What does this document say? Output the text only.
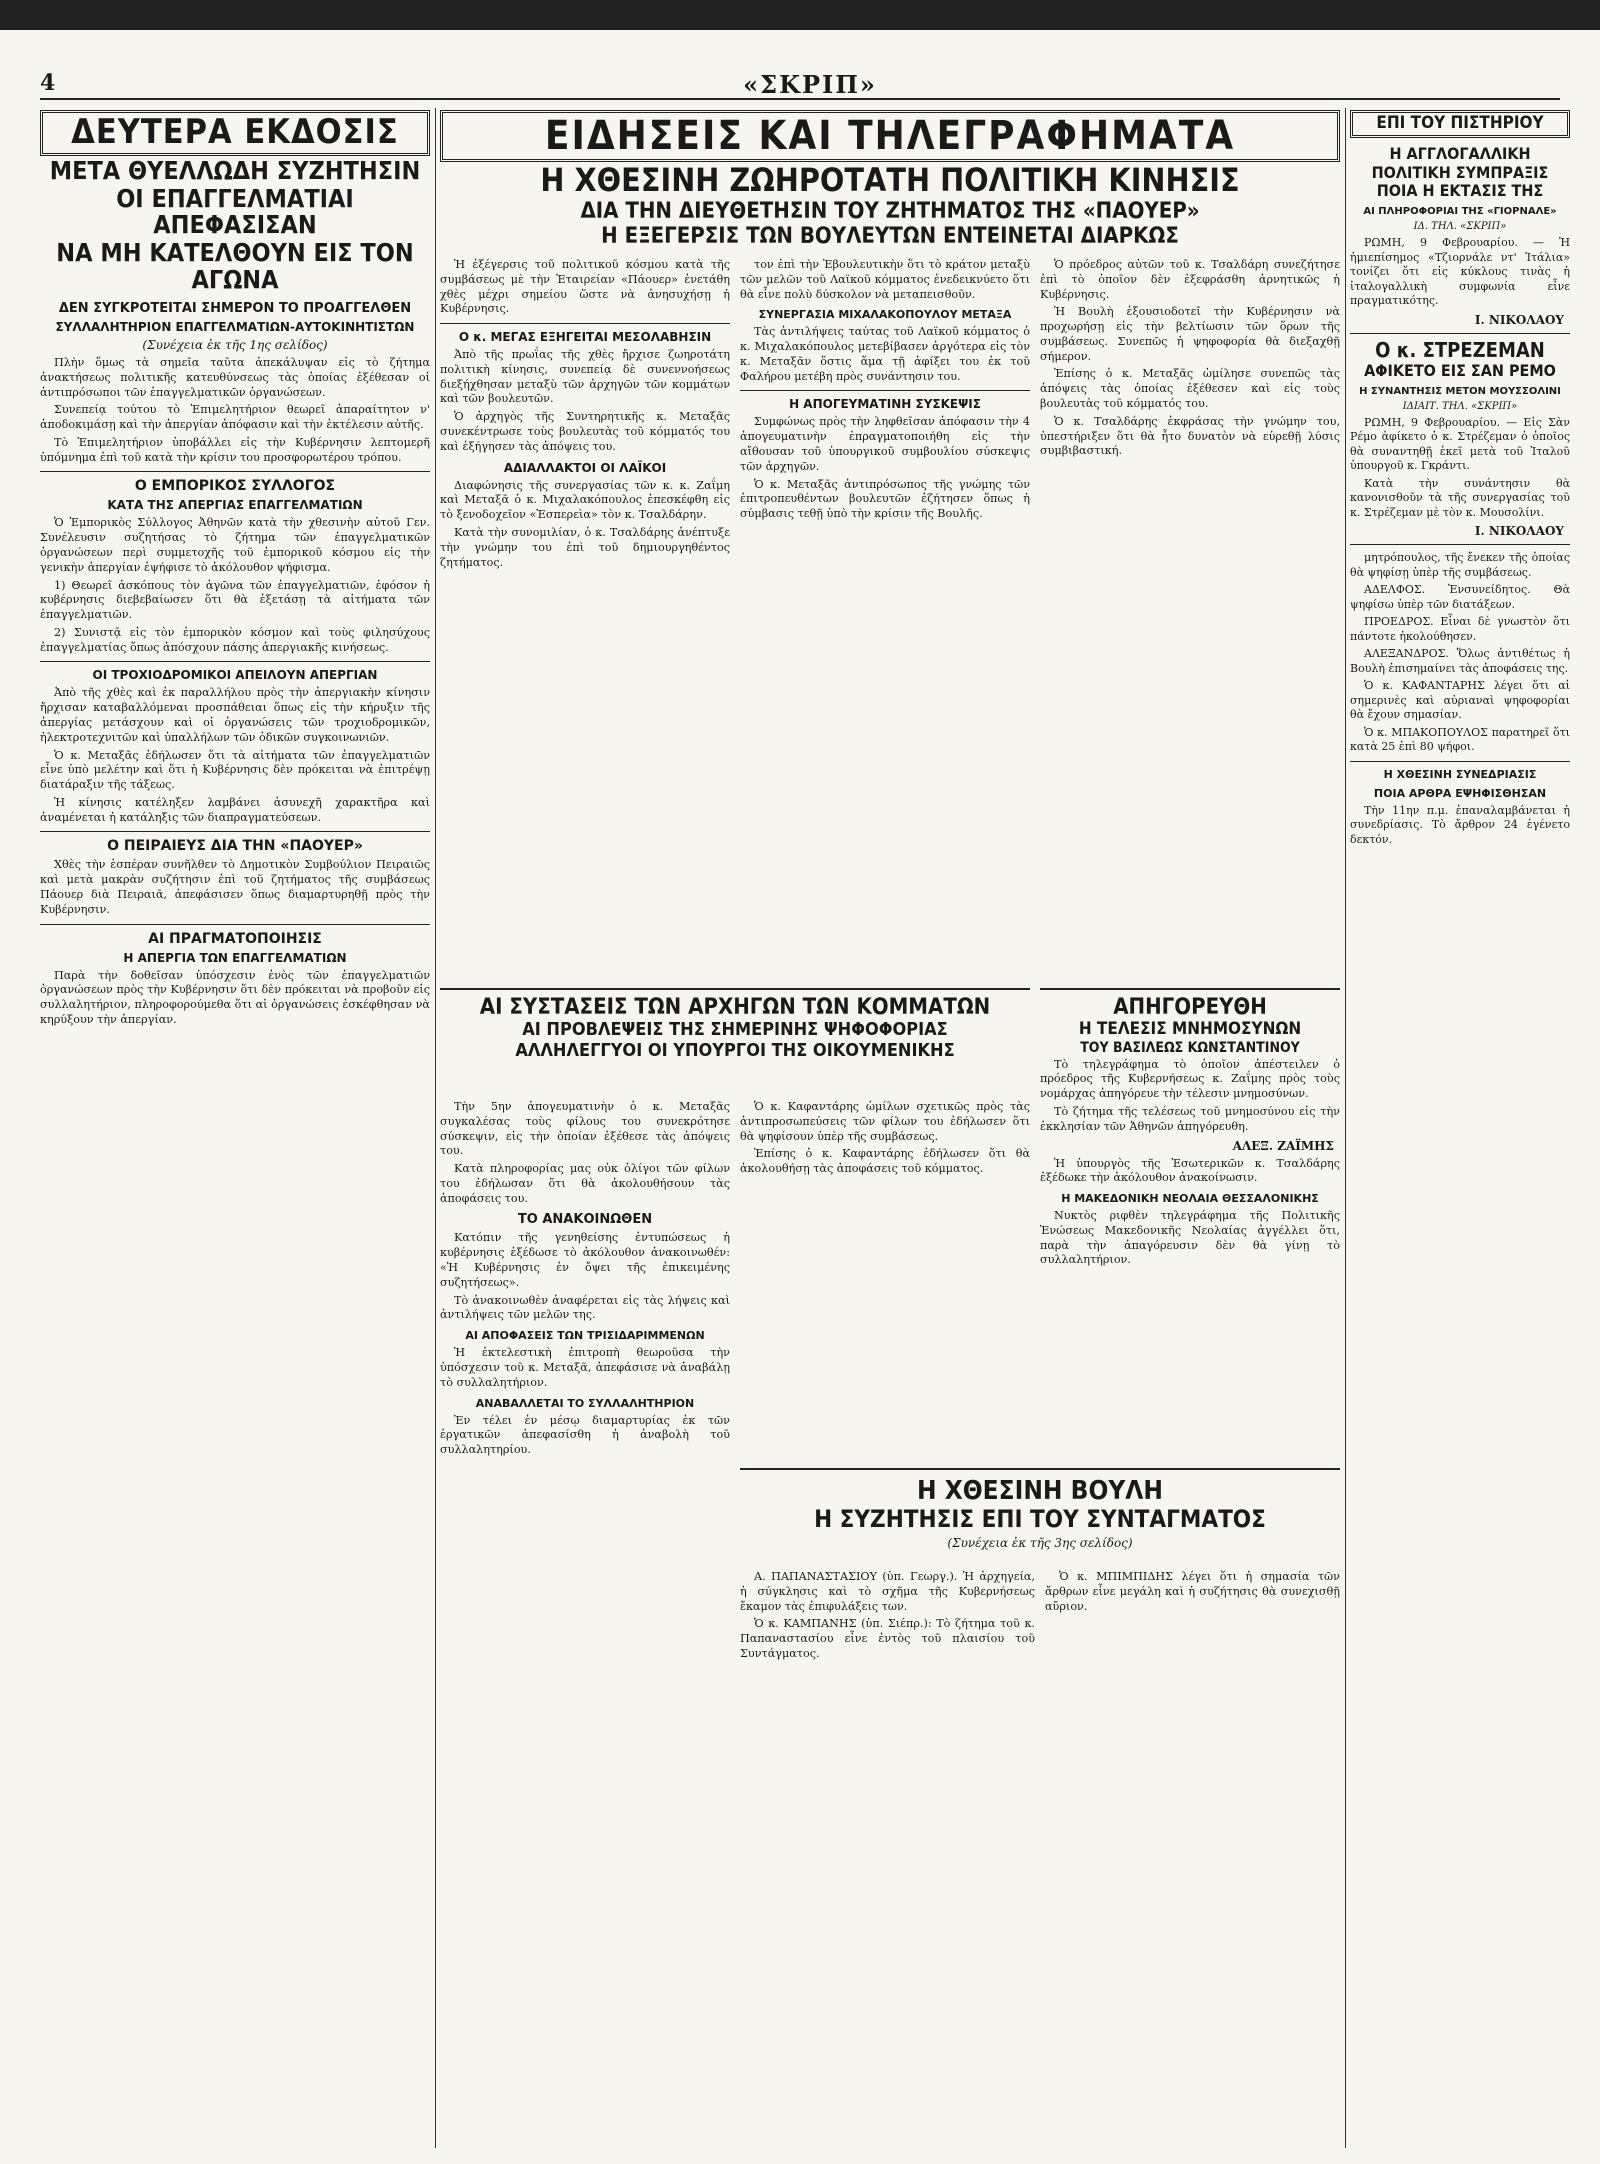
4	«ΣΚΡΙΠ»
ΔΕΥΤΕΡΑ ΕΚΔΟΣΙΣ
ΜΕΤΑ ΘΥΕΛΛΩΔΗ ΣΥΖΗΤΗΣΙΝ
ΟΙ ΕΠΑΓΓΕΛΜΑΤΙΑΙ ΑΠΕΦΑΣΙΣΑΝ
ΝΑ ΜΗ ΚΑΤΕΛΘΟΥΝ ΕΙΣ ΤΟΝ ΑΓΩΝΑ
ΔΕΝ ΣΥΓΚΡΟΤΕΙΤΑΙ ΣΗΜΕΡΟΝ ΤΟ ΠΡΟΑΓΓΕΛΘΕΝ
ΣΥΛΛΑΛΗΤΗΡΙΟΝ ΕΠΑΓΓΕΛΜΑΤΙΩΝ-ΑΥΤΟΚΙΝΗΤΙΣΤΩΝ
(Συνέχεια ἐκ τῆς 1ης σελίδος)

Πλὴν ὅμως τὰ σημεῖα ταῦτα ἀπεκάλυψαν εἰς τὸ ζήτημα ἀνακτήσεως πολιτικῆς κατευθύνσεως τὰς ὁποίας ἐξέθεσαν οἱ ἀντιπρόσωποι τῶν ἐπαγγελματικῶν ὀργανώσεων.

Συνεπείᾳ τούτου τὸ Ἐπιμελητήριον θεωρεῖ ἀπαραίτητον ν' ἀποδοκιμάσῃ καὶ τὴν ἀπεργίαν ἀπόφασιν καὶ τὴν ἐκτέλεσιν αὐτῆς.

Τὸ Ἐπιμελητήριον ὑποβάλλει εἰς τὴν Κυβέρνησιν λεπτομερῆ ὑπόμνημα ἐπὶ τοῦ κατὰ τὴν κρίσιν του προσφορωτέρου τρόπου.

Ο ΕΜΠΟΡΙΚΟΣ ΣΥΛΛΟΓΟΣ
ΚΑΤΑ ΤΗΣ ΑΠΕΡΓΙΑΣ ΕΠΑΓΓΕΛΜΑΤΙΩΝ

Ὁ Ἐμπορικὸς Σύλλογος Ἀθηνῶν κατὰ τὴν χθεσινὴν αὐτοῦ Γεν. Συνέλευσιν συζητήσας τὸ ζήτημα τῶν ἐπαγγελματικῶν ὀργανώσεων περὶ συμμετοχῆς τοῦ ἐμπορικοῦ κόσμου εἰς τὴν γενικὴν ἀπεργίαν ἐψήφισε τὸ ἀκόλουθον ψήφισμα.

1) Θεωρεῖ ἀσκόπους τὸν ἀγῶνα τῶν ἐπαγγελματιῶν, ἐφόσον ἡ κυβέρνησις διεβεβαίωσεν ὅτι θὰ ἐξετάσῃ τὰ αἰτήματα τῶν ἐπαγγελματιῶν.

2) Συνιστᾷ εἰς τὸν ἐμπορικὸν κόσμον καὶ τοὺς φιλησύχους ἐπαγγελματίας ὅπως ἀπόσχουν πάσης ἀπεργιακῆς κινήσεως.

ΟΙ ΤΡΟΧΙΟΔΡΟΜΙΚΟΙ ΑΠΕΙΛΟΥΝ ΑΠΕΡΓΙΑΝ

Ἀπὸ τῆς χθὲς καὶ ἐκ παραλλήλου πρὸς τὴν ἀπεργιακὴν κίνησιν ἤρχισαν καταβαλλόμεναι προσπάθειαι ὅπως εἰς τὴν κήρυξιν τῆς ἀπεργίας μετάσχουν καὶ οἱ ὀργανώσεις τῶν τροχιοδρομικῶν, ἠλεκτροτεχνιτῶν καὶ ὑπαλλήλων τῶν ὁδικῶν συγκοινωνιῶν.

Ὁ κ. Μεταξᾶς ἐδήλωσεν ὅτι τὰ αἰτήματα τῶν ἐπαγγελματιῶν εἶνε ὑπὸ μελέτην καὶ ὅτι ἡ Κυβέρνησις δὲν πρόκειται νὰ ἐπιτρέψῃ διατάραξιν τῆς τάξεως.

Ἡ κίνησις κατέληξεν λαμβάνει ἀσυνεχῆ χαρακτῆρα καὶ ἀναμένεται ἡ κατάληξις τῶν διαπραγματεύσεων.

Ο ΠΕΙΡΑΙΕΥΣ ΔΙΑ ΤΗΝ «ΠΑΟΥΕΡ»

Χθὲς τὴν ἑσπέραν συνῆλθεν τὸ Δημοτικὸν Συμβούλιον Πειραιῶς καὶ μετὰ μακρὰν συζήτησιν ἐπὶ τοῦ ζητήματος τῆς συμβάσεως Πάουερ διὰ Πειραιᾶ, ἀπεφάσισεν ὅπως διαμαρτυρηθῇ πρὸς τὴν Κυβέρνησιν.

ΑΙ ΠΡΑΓΜΑΤΟΠΟΙΗΣΙΣ
Η ΑΠΕΡΓΙΑ ΤΩΝ ΕΠΑΓΓΕΛΜΑΤΙΩΝ

Παρὰ τὴν δοθεῖσαν ὑπόσχεσιν ἐνὸς τῶν ἐπαγγελματιῶν ὀργανώσεων πρὸς τὴν Κυβέρνησιν ὅτι δὲν πρόκειται νὰ προβοῦν εἰς συλλαλητήριον, πληροφορούμεθα ὅτι αἱ ὀργανώσεις ἐσκέφθησαν νὰ κηρύξουν τὴν ἀπεργίαν.

ΕΙΔΗΣΕΙΣ ΚΑΙ ΤΗΛΕΓΡΑΦΗΜΑΤΑ
Η ΧΘΕΣΙΝΗ ΖΩΗΡΟΤΑΤΗ ΠΟΛΙΤΙΚΗ ΚΙΝΗΣΙΣ
ΔΙΑ ΤΗΝ ΔΙΕΥΘΕΤΗΣΙΝ ΤΟΥ ΖΗΤΗΜΑΤΟΣ ΤΗΣ «ΠΑΟΥΕΡ»
Η ΕΞΕΓΕΡΣΙΣ ΤΩΝ ΒΟΥΛΕΥΤΩΝ ΕΝΤΕΙΝΕΤΑΙ ΔΙΑΡΚΩΣ

Ἡ ἐξέγερσις τοῦ πολιτικοῦ κόσμου κατὰ τῆς συμβάσεως μὲ τὴν Ἑταιρείαν «Πάουερ» ἐνετάθη χθὲς μέχρι σημείου ὥστε νὰ ἀνησυχήσῃ ἡ Κυβέρνησις.

Ο κ. ΜΕΓΑΣ ΕΞΗΓΕΙΤΑΙ ΜΕΣΟΛΑΒΗΣΙΝ

Ἀπὸ τῆς πρωΐας τῆς χθὲς ἤρχισε ζωηροτάτη πολιτικὴ κίνησις, συνεπείᾳ δὲ συνεννοήσεως διεξήχθησαν μεταξὺ τῶν ἀρχηγῶν τῶν κομμάτων καὶ τῶν βουλευτῶν.

Ὁ ἀρχηγὸς τῆς Συντηρητικῆς κ. Μεταξᾶς συνεκέντρωσε τοὺς βουλευτὰς τοῦ κόμματός του καὶ ἐξήγησεν τὰς ἀπόψεις του.

ΑΔΙΑΛΛΑΚΤΟΙ ΟΙ ΛΑΪΚΟΙ

Διαφώνησις τῆς συνεργασίας τῶν κ. κ. Ζαΐμη καὶ Μεταξᾶ ὁ κ. Μιχαλακόπουλος ἐπεσκέφθη εἰς τὸ ξενοδοχεῖον «Ἐσπερεὶα» τὸν κ. Τσαλδάρην.

Κατὰ τὴν συνομιλίαν, ὁ κ. Τσαλδάρης ἀνέπτυξε τὴν γνώμην του ἐπὶ τοῦ δημιουργηθέντος ζητήματος.

τον ἐπὶ τὴν Ἐβουλευτικὴν ὅτι τὸ κράτον μεταξὺ τῶν μελῶν τοῦ Λαϊκοῦ κόμματος ἐνεδεικνύετο ὅτι θὰ εἶνε πολὺ δύσκολον νὰ μεταπεισθοῦν.

ΣΥΝΕΡΓΑΣΙΑ ΜΙΧΑΛΑΚΟΠΟΥΛΟΥ ΜΕΤΑΞΑ

Τὰς ἀντιλήψεις ταύτας τοῦ Λαϊκοῦ κόμματος ὁ κ. Μιχαλακόπουλος μετεβίβασεν ἀργότερα εἰς τὸν κ. Μεταξᾶν ὅστις ἅμα τῇ ἀφίξει του ἐκ τοῦ Φαλήρου μετέβη πρὸς συνάντησιν του.

Η ΑΠΟΓΕΥΜΑΤΙΝΗ ΣΥΣΚΕΨΙΣ

Συμφώνως πρὸς τὴν ληφθεῖσαν ἀπόφασιν τὴν 4 ἀπογευματινὴν ἐπραγματοποιήθη εἰς τὴν αἴθουσαν τοῦ ὑπουργικοῦ συμβουλίου σύσκεψις τῶν ἀρχηγῶν.

Ὁ κ. Μεταξᾶς ἀντιπρόσωπος τῆς γνώμης τῶν ἐπιτροπευθέντων βουλευτῶν ἐζήτησεν ὅπως ἡ σύμβασις τεθῇ ὑπὸ τὴν κρίσιν τῆς Βουλῆς.

Ὁ πρόεδρος αὐτῶν τοῦ κ. Τσαλδάρη συνεζήτησε ἐπὶ τὸ ὁποῖον δὲν ἐξεφράσθη ἀρνητικῶς ἡ Κυβέρνησις.

Ἡ Βουλὴ ἐξουσιοδοτεῖ τὴν Κυβέρνησιν νὰ προχωρήσῃ εἰς τὴν βελτίωσιν τῶν ὅρων τῆς συμβάσεως. Συνεπῶς ἡ ψηφοφορία θὰ διεξαχθῇ σήμερον.

Ἐπίσης ὁ κ. Μεταξᾶς ὡμίλησε συνεπῶς τὰς ἀπόψεις τὰς ὁποίας ἐξέθεσεν καὶ εἰς τοὺς βουλευτὰς τοῦ κόμματός του.

Ὁ κ. Τσαλδάρης ἐκφράσας τὴν γνώμην του, ὑπεστήριξεν ὅτι θὰ ἦτο δυνατὸν νὰ εὑρεθῇ λύσις συμβιβαστική.

ΑΙ ΣΥΣΤΑΣΕΙΣ ΤΩΝ ΑΡΧΗΓΩΝ ΤΩΝ ΚΟΜΜΑΤΩΝ
ΑΙ ΠΡΟΒΛΕΨΕΙΣ ΤΗΣ ΣΗΜΕΡΙΝΗΣ ΨΗΦΟΦΟΡΙΑΣ
ΑΛΛΗΛΕΓΓΥΟΙ ΟΙ ΥΠΟΥΡΓΟΙ ΤΗΣ ΟΙΚΟΥΜΕΝΙΚΗΣ

Τὴν 5ην ἀπογευματινὴν ὁ κ. Μεταξᾶς συγκαλέσας τοὺς φίλους του συνεκρότησε σύσκεψιν, εἰς τὴν ὁποίαν ἐξέθεσε τὰς ἀπόψεις του.

Κατὰ πληροφορίας μας οὐκ ὀλίγοι τῶν φίλων του ἐδήλωσαν ὅτι θὰ ἀκολουθήσουν τὰς ἀποφάσεις του.

ΤΟ ΑΝΑΚΟΙΝΩΘΕΝ

Κατόπιν τῆς γενηθείσης ἐντυπώσεως ἡ κυβέρνησις ἐξέδωσε τὸ ἀκόλουθον ἀνακοινωθέν: «Ἡ Κυβέρνησις ἐν ὄψει τῆς ἐπικειμένης συζητήσεως».

Τὸ ἀνακοινωθὲν ἀναφέρεται εἰς τὰς λήψεις καὶ ἀντιλήψεις τῶν μελῶν της.

ΑΙ ΑΠΟΦΑΣΕΙΣ ΤΩΝ ΤΡΙΣΙΔΑΡΙΜΜΕΝΩΝ

Ἡ ἐκτελεστικὴ ἐπιτροπὴ θεωροῦσα τὴν ὑπόσχεσιν τοῦ κ. Μεταξᾶ, ἀπεφάσισε νὰ ἀναβάλῃ τὸ συλλαλητήριον.

ΑΝΑΒΑΛΛΕΤΑΙ ΤΟ ΣΥΛΛΑΛΗΤΗΡΙΟΝ

Ἐν τέλει ἐν μέσῳ διαμαρτυρίας ἐκ τῶν ἐργατικῶν ἀπεφασίσθη ἡ ἀναβολὴ τοῦ συλλαλητηρίου.

Ὁ κ. Καφαντάρης ὡμίλων σχετικῶς πρὸς τὰς ἀντιπροσωπεύσεις τῶν φίλων του ἐδήλωσεν ὅτι θὰ ψηφίσουν ὑπὲρ τῆς συμβάσεως.

Ἐπίσης ὁ κ. Καφαντάρης ἐδήλωσεν ὅτι θὰ ἀκολουθήσῃ τὰς ἀποφάσεις τοῦ κόμματος.

ΑΠΗΓΟΡΕΥΘΗ
Η ΤΕΛΕΣΙΣ ΜΝΗΜΟΣΥΝΩΝ
ΤΟΥ ΒΑΣΙΛΕΩΣ ΚΩΝΣΤΑΝΤΙΝΟΥ

Τὸ τηλεγράφημα τὸ ὁποῖον ἀπέστειλεν ὁ πρόεδρος τῆς Κυβερνήσεως κ. Ζαΐμης πρὸς τοὺς νομάρχας ἀπηγόρευε τὴν τέλεσιν μνημοσύνων.

Τὸ ζήτημα τῆς τελέσεως τοῦ μνημοσύνου εἰς τὴν ἐκκλησίαν τῶν Ἀθηνῶν ἀπηγόρευθη.

ΑΛΕΞ. ΖΑΪΜΗΣ

Ἡ ὑπουργὸς τῆς Ἐσωτερικῶν κ. Τσαλδάρης ἐξέδωκε τὴν ἀκόλουθον ἀνακοίνωσιν.

Η ΜΑΚΕΔΟΝΙΚΗ ΝΕΟΛΑΙΑ ΘΕΣΣΑΛΟΝΙΚΗΣ

Νυκτὸς ριφθὲν τηλεγράφημα τῆς Πολιτικῆς Ἑνώσεως Μακεδονικῆς Νεολαίας ἀγγέλλει ὅτι, παρὰ τὴν ἀπαγόρευσιν δὲν θὰ γίνῃ τὸ συλλαλητήριον.

Η ΧΘΕΣΙΝΗ ΒΟΥΛΗ
Η ΣΥΖΗΤΗΣΙΣ ΕΠΙ ΤΟΥ ΣΥΝΤΑΓΜΑΤΟΣ
(Συνέχεια ἐκ τῆς 3ης σελίδος)

Α. ΠΑΠΑΝΑΣΤΑΣΙΟΥ (ὑπ. Γεωργ.). Ἡ ἀρχηγεία, ἡ σύγκλησις καὶ τὸ σχῆμα τῆς Κυβερνήσεως ἔκαμον τὰς ἐπιφυλάξεις των.

Ὁ κ. ΚΑΜΠΑΝΗΣ (ὑπ. Σιέπρ.): Τὸ ζήτημα τοῦ κ. Παπαναστασίου εἶνε ἐντὸς τοῦ πλαισίου τοῦ Συντάγματος.

Ὁ κ. ΜΠΙΜΠΙΔΗΣ λέγει ὅτι ἡ σημασία τῶν ἄρθρων εἶνε μεγάλη καὶ ἡ συζήτησις θὰ συνεχισθῇ αὔριον.

ΕΠΙ ΤΟΥ ΠΙΣΤΗΡΙΟΥ
Η ΑΓΓΛΟΓΑΛΛΙΚΗ
ΠΟΛΙΤΙΚΗ ΣΥΜΠΡΑΞΙΣ
ΠΟΙΑ Η ΕΚΤΑΣΙΣ ΤΗΣ
ΑΙ ΠΛΗΡΟΦΟΡΙΑΙ ΤΗΣ «ΓΙΟΡΝΑΛΕ»
ΙΔ. ΤΗΛ. «ΣΚΡΙΠ»

ΡΩΜΗ, 9 Φεβρουαρίου. — Ἡ ἡμιεπίσημος «Τζιορνάλε ντ' Ἰτάλια» τονίζει ὅτι εἰς κύκλους τινὰς ἡ ἰταλογαλλικὴ συμφωνία εἶνε πραγματικότης.

Ι. ΝΙΚΟΛΑΟΥ
Ο κ. ΣΤΡΕΖΕΜΑΝ
ΑΦΙΚΕΤΟ ΕΙΣ ΣΑΝ ΡΕΜΟ
Η ΣΥΝΑΝΤΗΣΙΣ ΜΕΤΟΝ ΜΟΥΣΣΟΛΙΝΙ
ΙΔΙΑΙΤ. ΤΗΛ. «ΣΚΡΙΠ»

ΡΩΜΗ, 9 Φεβρουαρίου. — Εἰς Σὰν Ρέμο ἀφίκετο ὁ κ. Στρέζεμαν ὁ ὁποῖος θὰ συναντηθῇ ἐκεῖ μετὰ τοῦ Ἰταλοῦ ὑπουργοῦ κ. Γκράντι.

Κατὰ τὴν συνάντησιν θὰ κανονισθοῦν τὰ τῆς συνεργασίας τοῦ κ. Στρέζεμαν μὲ τὸν κ. Μουσολίνι.

Ι. ΝΙΚΟΛΑΟΥ

μητρόπουλος, τῆς ἔνεκεν τῆς ὁποίας θὰ ψηφίσῃ ὑπὲρ τῆς συμβάσεως.

ΑΔΕΛΦΟΣ. Ἐνσυνείδητος. Θὰ ψηφίσω ὑπὲρ τῶν διατάξεων.

ΠΡΟΕΔΡΟΣ. Εἶναι δὲ γνωστὸν ὅτι πάντοτε ἠκολούθησεν.

ΑΛΕΞΑΝΔΡΟΣ. Ὅλως ἀντιθέτως ἡ Βουλὴ ἐπισημαίνει τὰς ἀποφάσεις της.

Ὁ κ. ΚΑΦΑΝΤΑΡΗΣ λέγει ὅτι αἱ σημερινὲς καὶ αὐριαναὶ ψηφοφορίαι θὰ ἔχουν σημασίαν.

Ὁ κ. ΜΠΑΚΟΠΟΥΛΟΣ παρατηρεῖ ὅτι κατὰ 25 ἐπὶ 80 ψήφοι.

Η ΧΘΕΣΙΝΗ ΣΥΝΕΔΡΙΑΣΙΣ
ΠΟΙΑ ΑΡΘΡΑ ΕΨΗΦΙΣΘΗΣΑΝ

Τὴν 11ην π.μ. ἐπαναλαμβάνεται ἡ συνεδρίασις. Τὸ ἄρθρον 24 ἐγένετο δεκτόν.
